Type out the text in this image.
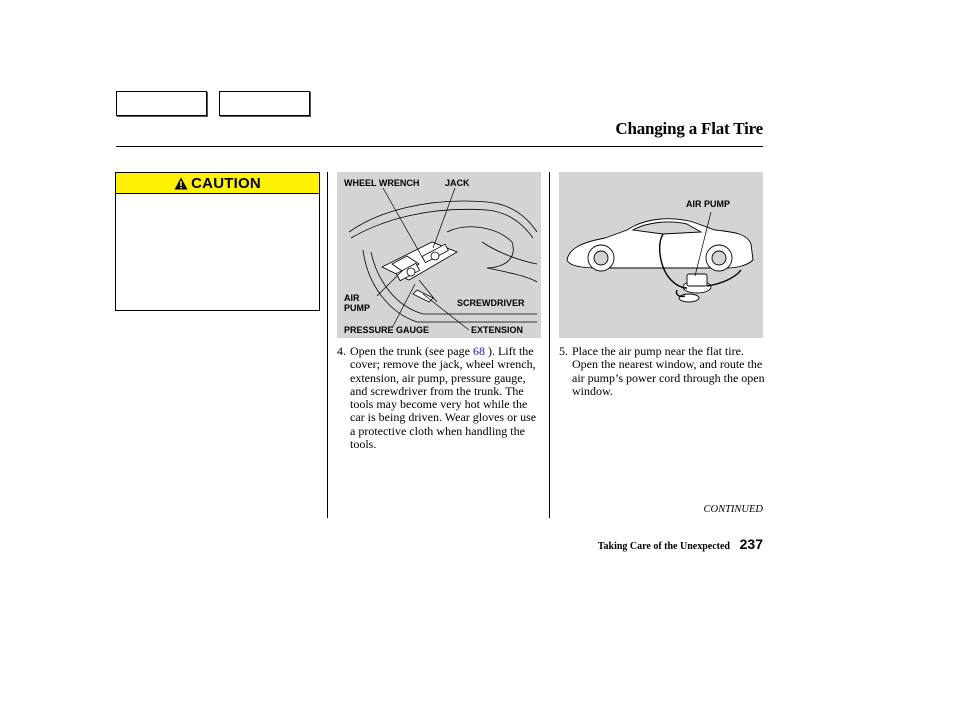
Changing a Flat Tire
CAUTION	WHEEL WRENCH	JACK
AIR
PUMP	SCREWDRIVER
PRESSURE GAUGE	EXTENSION
AIR PUMP
4. Open the trunk (see page 68 ). Lift the cover; remove the jack, wheel wrench, extension, air pump, pressure gauge, and screwdriver from the trunk. The tools may become very hot while the car is being driven. Wear gloves or use a protective cloth when handling the tools.
5. Place the air pump near the flat tire. Open the nearest window, and route the air pump’s power cord through the open window.
CONTINUED
Taking Care of the Unexpected 237
